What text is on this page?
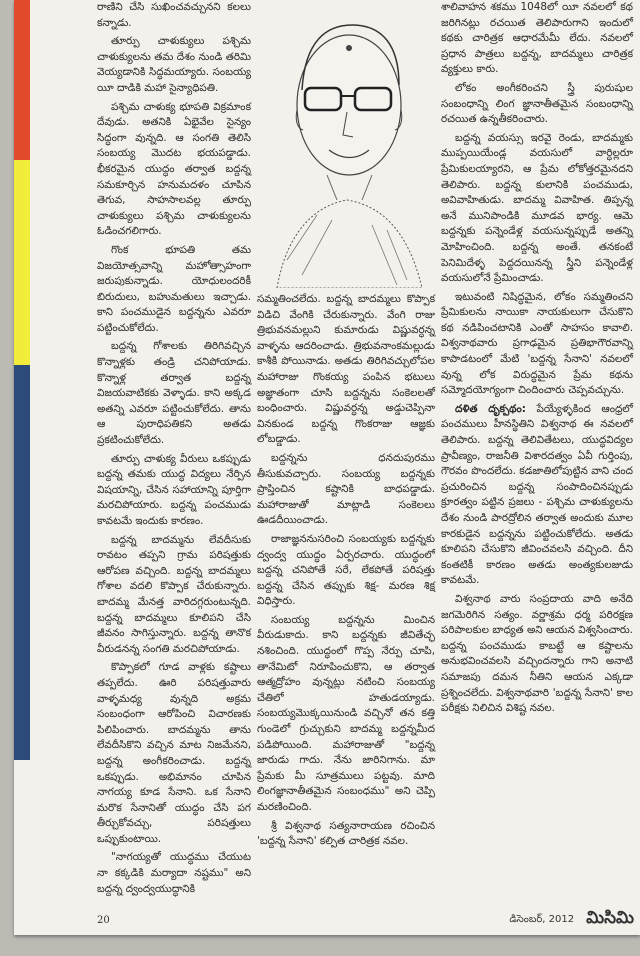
రాణిని చేసి సుఖించవచ్చునని కలలు కన్నాడు.

తూర్పు చాళుక్యులు పశ్చిమ చాళుక్యులను తమ దేశం నుండి తరిమి వెయ్యడానికి సిద్ధమయ్యారు. సంబయ్య యీ దాడికి మహా సైన్యాధిపతి.

పశ్చిమ చాళుక్య భూపతి విక్రమాంక దేవుడు. అతనికి ఏభైవేల సైన్యం సిద్ధంగా వున్నది. ఆ సంగతి తెలిసి సంబయ్య మొదట భయపడ్డాడు. భీకరమైన యుద్ధం తర్వాత బద్దన్న సమకూర్చిన హనుమదళం చూపిన తెగువ, సాహసాలవల్ల తూర్పు చాళుక్యులు పశ్చిమ చాళుక్యులను ఓడించగలిగారు.

గొంక భూపతి తమ విజయోత్సవాన్ని మహోత్సాహంగా జరుపుకున్నాడు. యోధులందరికీ బిరుదులు, బహుమతులు ఇచ్చాడు. కాని పంచముడైన బద్దన్నను ఎవరూ పట్టించుకోలేదు.

బద్దన్న గోశాలకు తిరిగివచ్చిన కొన్నాళ్లకు తండ్రి చనిపోయాడు. కొన్నాళ్ల తర్వాత బద్దన్న విజయవాటికకు వెళ్ళాడు. కాని అక్కడ అతన్ని ఎవరూ పట్టించుకోలేదు. తాను ఆ పురాధిపతికని అతడు ప్రకటించుకోలేదు.

తూర్పు చాళుక్య వీరులు ఒకప్పుడు బద్దన్న తమకు యుద్ధ విద్యలు నేర్పిన విషయాన్ని, చేసిన సహాయాన్ని పూర్తిగా మరచిపోయారు. బద్దన్న పంచముడు కావటమే ఇందుకు కారణం.

బద్దన్న బాదమ్మను లేవదీసుకు రావటం తప్పని గ్రామ పరిషత్తుకు ఆరోపణ వచ్చింది. బద్దన్న బాదమ్మలు గోశాల వదలి కొప్పాక చేరుకున్నారు. బాదమ్మ మేనత్త వారిదగ్గరుంటున్నది. బద్దన్న బాదమ్మలు కూలిపని చేసి జీవనం సాగిస్తున్నారు. బద్దన్న తానొక వీరుడనన్న సంగతి మరచిపోయాడు.

కొప్పాకలో గూడ వాళ్లకు కష్టాలు తప్పలేదు. ఊరి పరిషత్తువారు వాళ్ళమధ్య వున్నది అక్రమ సంబంధంగా ఆరోపించి విచారణకు పిలిపించారు. బాదమ్మను తాను లేవదీసికొని వచ్చిన మాట నిజమేనని, బద్దన్న అంగీకరించాడు. బద్దన్న ఒకప్పుడు. అభిమానం చూపిన నాగయ్య కూడ సేనాని. ఒక సేనాని మరొక సేనానితో యుద్ధం చేసి పగ తీర్చుకోవచ్చు, పరిషత్తులు ఒప్పుకుంటాయి.

"నాగయ్యతో యుద్ధము చేయుట నా కక్కడికి మర్యాదా నష్టము" అని బద్దన్న ద్వంద్వయుద్ధానికి

సమ్మతించలేదు. బద్దన్న బాదమ్మలు కొప్పాక విడిచి వేంగికి చేరుకున్నారు. వేంగి రాజు త్రిభువనమల్లుని కుమారుడు విష్ణువర్ధన్న వాళ్ళను ఆదరించాడు. త్రిభువనాంకమల్లుడు కాశీకి పోయినాడు. అతడు తిరిగివచ్చులోపల మహారాజు గొంకయ్య పంపిన భటులు అజ్ఞాతంగా చూసి బద్దన్నను సంకెలలతో బంధించారు. విష్ణువర్ధన్న అడ్డుచెప్పినా వినకుండ బద్దన్న గొంకరాజు ఆజ్ఞకు లోబడ్డాడు.

బద్దన్నను ధనదుపురము తీసుకువచ్చారు. సంబయ్య బద్దన్నకు ప్రాప్తించిన కష్టానికి బాధపడ్డాడు. మహారాజుతో మాట్లాడి సంకెలలు ఊడదీయించాడు.

రాజాజ్ఞననుసరించి సంబయ్యకు బద్దన్నకు ద్వంద్వ యుద్ధం ఏర్పరచారు. యుద్ధంలో బద్దన్న చనిపోతే సరే, లేకపోతే పరిషత్తు బద్దన్న చేసిన తప్పుకు శిక్ష- మరణ శిక్ష విధిస్తారు.

సంబయ్య బద్దన్నను మించిన వీరుడుకాదు. కాని బద్దన్నకు జీవితేచ్ఛ నశించింది. యుద్ధంలో గొప్ప నేర్పు చూపి, తానేమిటో నిరూపించుకొని, ఆ తర్వాత ఆత్మద్రోహం వున్నట్లు నటించి సంబయ్య చేతిలో హతుడయ్యాడు. సంబయ్యమొక్కయినుండి వచ్చినో తన కత్తి గుండెలో గ్రుచ్చుకుని బాదమ్మ బద్దన్నమీద పడిపోయింది. మహారాజుతో "బద్దన్న జారుడు గాదు. నేను జారినిగాను. మా ప్రేమకు మీ సూత్రములు పట్టవు. మాది లింగజ్ఞానాతీతమైన సంబంధము" అని చెప్పి మరణించింది.

శ్రీ విశ్వనాథ సత్యనారాయణ రచించిన 'బద్దన్న సేనాని' కల్పిత చారిత్రక నవల.

శాలివాహన శకము 1048లో యీ నవలలో కథ జరిగినట్లు రచయిత తెలిపారుగాని ఇందులో కథకు చారిత్రక ఆధారమేమీ లేదు. నవలలో ప్రధాన పాత్రలు బద్దన్న, బాదమ్మలు చారిత్రక వ్యక్తులు కారు.

లోకం అంగీకరించని స్త్రీ పురుషుల సంబంధాన్ని లింగ జ్ఞానాతీతమైన సంబంధాన్ని రచయిత ఉన్నతీకరించారు.

బద్దన్న వయస్సు ఇరవై రెండు, బాదమ్మకు ముప్పయియేండ్ల వయసులో వార్ధిల్లరూ ప్రేమికులయ్యారని, ఆ ప్రేమ లోకోత్తరమైనదని తెలిపారు. బద్దన్న కులానికి పంచముడు, అవివాహితుడు. బాదమ్మ వివాహిత. తిప్పన్న అనే మునిపాండికి మూడవ భార్య. ఆమె బద్దన్నకు పన్నెండేళ్ల వయసున్నప్పుడే అతన్ని మోహించింది. బద్దన్న అంతే. తనకంటే పెనిమిదేళ్ళ పెద్దదయినన్న స్త్రీని పన్నెండేళ్ల వయసులోనే ప్రేమించాడు.

ఇటువంటి నిషిద్ధమైన, లోకం సమ్మతించని ప్రేమికులను నాయికా నాయకులుగా చేసుకొని కథ నడిపించటానికి ఎంతో సాహసం కావాలి. విశ్వనాథవారు ప్రగాఢమైన ప్రతిభాగౌరవాన్ని కాపాడటంలో మేటి 'బద్దన్న సేనాని' నవలలో వున్న లోక విరుద్ధమైన ప్రేమ కథను సమ్మోదయోగ్యంగా చిందించారు చెప్పవచ్చును.

దళిత దృక్పథం: పేయ్యేళ్ళకింద ఆంధ్రలో పంచములు హీనస్థితిని విశ్వనాథ ఈ నవలలో తెలిపారు. బద్దన్న తెలివితేటలు, యుద్ధవిద్యల ప్రావీణ్యం, రాజనీతి విశారదత్వం ఏవీ గుర్తింపు, గౌరవం పొందలేదు. కడజాతిలోపుట్టిన వాని చంద ప్రచురించిన బద్దన్న సంపాదించినప్పుడు క్రూరత్వం పట్టిన ప్రజలు - పశ్చిమ చాళుక్యులను దేశం నుండి పారద్రోలిన తర్వాత అందుకు మూల కారకుడైన బద్దన్నను పట్టించుకోలేదు. అతడు కూలిపని చేసుకొని జీవించవలసి వచ్చింది. దీని కంతటికీ కారణం అతడు అంత్యకులజుడు కావటమే.

విశ్వనాథ వారు సంప్రదాయ వాది అనేది జగమెరిగిన సత్యం. వర్ణాశ్రమ ధర్మ పరిరక్షణ పరిపాలకుల బాధ్యత అని ఆయన విశ్వసించారు. బద్దన్న పంచముడు కాబట్టే ఆ కష్టాలను అనుభవించవలసి వచ్చిందన్నారు గాని అనాటి సమాజపు దమన నీతిని ఆయన ఎక్కడా ప్రశ్నించలేదు. విశ్వనాథవారి 'బద్దన్న సేనాని' కాల పరీక్షకు నిలిచిన విశిష్ట నవల.

20	డిసెంబర్, 2012 మిసిమి
